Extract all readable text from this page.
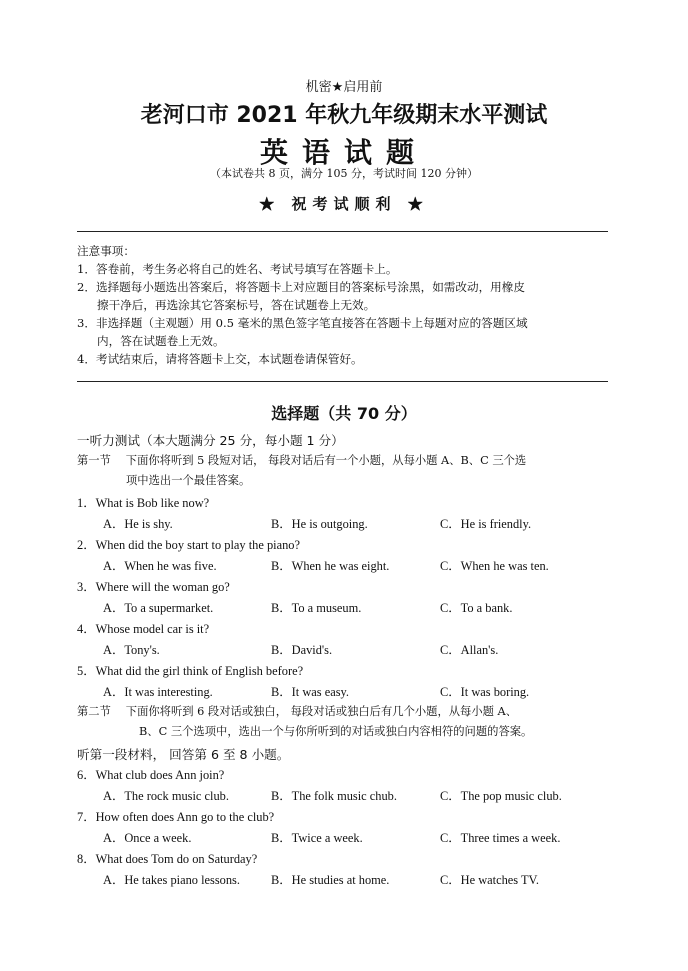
机密★启用前
老河口市 2021 年秋九年级期末水平测试
英语试题
（本试卷共 8 页，满分 105 分，考试时间 120 分钟）
★ 祝考试顺利 ★
注意事项：
1．答卷前，考生务必将自己的姓名、考试号填写在答题卡上。
2．选择题每小题选出答案后，将答题卡上对应题目的答案标号涂黑，如需改动，用橡皮
擦干净后，再选涂其它答案标号，答在试题卷上无效。
3．非选择题（主观题）用 0.5 毫米的黑色签字笔直接答在答题卡上每题对应的答题区域
内，答在试题卷上无效。
4．考试结束后，请将答题卡上交，本试题卷请保管好。
选择题（共 70 分）
一听力测试（本大题满分 25 分，每小题 1 分）
第一节　 下面你将听到 5 段短对话， 每段对话后有一个小题，从每小题 A、B、C 三个选
项中选出一个最佳答案。
1．What is Bob like now?
A．He is shy.	B．He is outgoing.	C．He is friendly.
2．When did the boy start to play the piano?
A．When he was five.	B．When he was eight.	C．When he was ten.
3．Where will the woman go?
A．To a supermarket.	B．To a museum.	C．To a bank.
4．Whose model car is it?
A．Tony's.	B．David's.	C．Allan's.
5．What did the girl think of English before?
A．It was interesting.	B．It was easy.	C．It was boring.
第二节　 下面你将听到 6 段对话或独白， 每段对话或独白后有几个小题，从每小题 A、
B、C 三个选项中，选出一个与你所听到的对话或独白内容相符的问题的答案。
听第一段材料， 回答第 6 至 8 小题。
6．What club does Ann join?
A．The rock music club.	B．The folk music chub.	C．The pop music club.
7．How often does Ann go to the club?
A．Once a week.	B．Twice a week.	C．Three times a week.
8．What does Tom do on Saturday?
A．He takes piano lessons.	B．He studies at home.	C．He watches TV.
